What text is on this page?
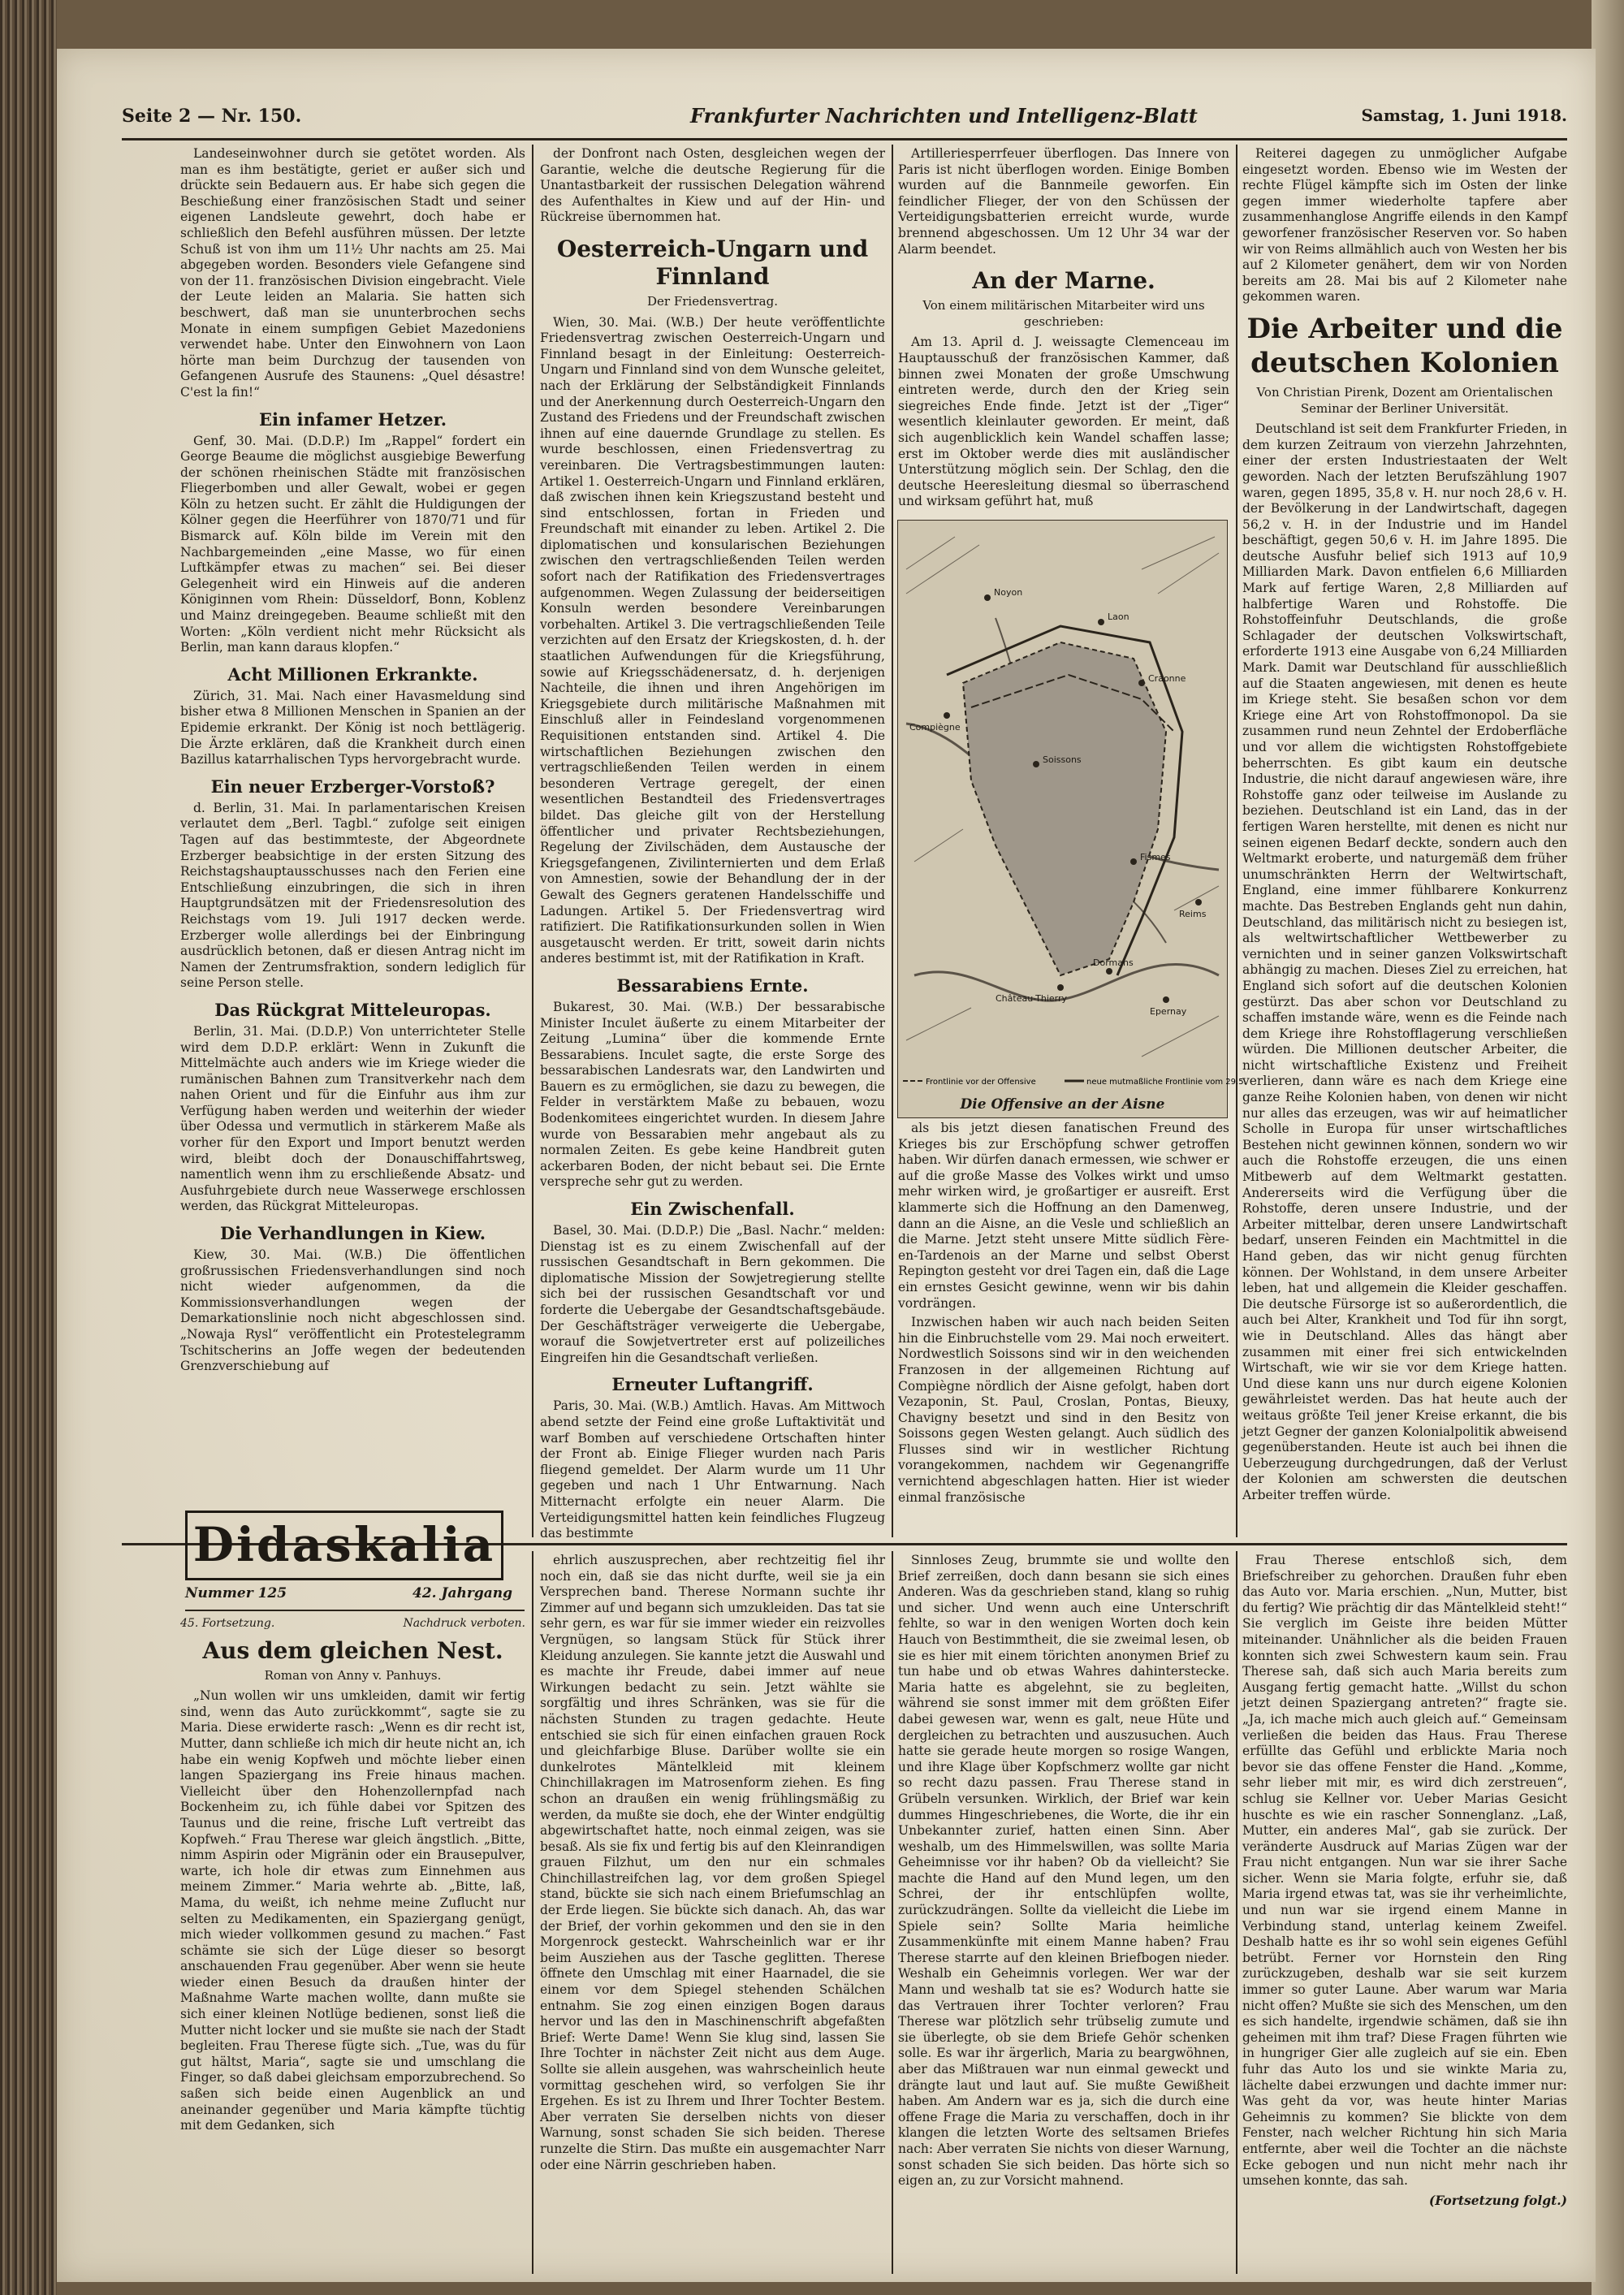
Seite 2 — Nr. 150.	Frankfurter Nachrichten und Intelligenz-Blatt	Samstag, 1. Juni 1918.

Landeseinwohner durch sie getötet worden. Als man es ihm bestätigte, geriet er außer sich und drückte sein Bedauern aus. Er habe sich gegen die Beschießung einer französischen Stadt und seiner eigenen Landsleute gewehrt, doch habe er schließlich den Befehl ausführen müssen. Der letzte Schuß ist von ihm um 11½ Uhr nachts am 25. Mai abgegeben worden. Besonders viele Gefangene sind von der 11. französischen Division eingebracht. Viele der Leute leiden an Malaria. Sie hatten sich beschwert, daß man sie ununterbrochen sechs Monate in einem sumpfigen Gebiet Mazedoniens verwendet habe. Unter den Einwohnern von Laon hörte man beim Durchzug der tausenden von Gefangenen Ausrufe des Staunens: „Quel désastre! C'est la fin!“

Ein infamer Hetzer.

Genf, 30. Mai. (D.D.P.) Im „Rappel“ fordert ein George Beaume die möglichst ausgiebige Bewerfung der schönen rheinischen Städte mit französischen Fliegerbomben und aller Gewalt, wobei er gegen Köln zu hetzen sucht. Er zählt die Huldigungen der Kölner gegen die Heerführer von 1870/71 und für Bismarck auf. Köln bilde im Verein mit den Nachbargemeinden „eine Masse, wo für einen Luftkämpfer etwas zu machen“ sei. Bei dieser Gelegenheit wird ein Hinweis auf die anderen Königinnen vom Rhein: Düsseldorf, Bonn, Koblenz und Mainz dreingegeben. Beaume schließt mit den Worten: „Köln verdient nicht mehr Rücksicht als Berlin, man kann daraus klopfen.“

Acht Millionen Erkrankte.

Zürich, 31. Mai. Nach einer Havasmeldung sind bisher etwa 8 Millionen Menschen in Spanien an der Epidemie erkrankt. Der König ist noch bettlägerig. Die Ärzte erklären, daß die Krankheit durch einen Bazillus katarrhalischen Typs hervorgebracht wurde.

Ein neuer Erzberger-Vorstoß?

d. Berlin, 31. Mai. In parlamentarischen Kreisen verlautet dem „Berl. Tagbl.“ zufolge seit einigen Tagen auf das bestimmteste, der Abgeordnete Erzberger beabsichtige in der ersten Sitzung des Reichstagshauptausschusses nach den Ferien eine Entschließung einzubringen, die sich in ihren Hauptgrundsätzen mit der Friedensresolution des Reichstags vom 19. Juli 1917 decken werde. Erzberger wolle allerdings bei der Einbringung ausdrücklich betonen, daß er diesen Antrag nicht im Namen der Zentrumsfraktion, sondern lediglich für seine Person stelle.

Das Rückgrat Mitteleuropas.

Berlin, 31. Mai. (D.D.P.) Von unterrichteter Stelle wird dem D.D.P. erklärt: Wenn in Zukunft die Mittelmächte auch anders wie im Kriege wieder die rumänischen Bahnen zum Transitverkehr nach dem nahen Orient und für die Einfuhr aus ihm zur Verfügung haben werden und weiterhin der wieder über Odessa und vermutlich in stärkerem Maße als vorher für den Export und Import benutzt werden wird, bleibt doch der Donauschiffahrtsweg, namentlich wenn ihm zu erschließende Absatz- und Ausfuhrgebiete durch neue Wasserwege erschlossen werden, das Rückgrat Mitteleuropas.

Die Verhandlungen in Kiew.

Kiew, 30. Mai. (W.B.) Die öffentlichen großrussischen Friedensverhandlungen sind noch nicht wieder aufgenommen, da die Kommissionsverhandlungen wegen der Demarkationslinie noch nicht abgeschlossen sind. „Nowaja Rysl“ veröffentlicht ein Protestelegramm Tschitscherins an Joffe wegen der bedeutenden Grenzverschiebung auf

der Donfront nach Osten, desgleichen wegen der Garantie, welche die deutsche Regierung für die Unantastbarkeit der russischen Delegation während des Aufenthaltes in Kiew und auf der Hin- und Rückreise übernommen hat.

Oesterreich-Ungarn und Finnland
Der Friedensvertrag.

Wien, 30. Mai. (W.B.) Der heute veröffentlichte Friedensvertrag zwischen Oesterreich-Ungarn und Finnland besagt in der Einleitung: Oesterreich-Ungarn und Finnland sind von dem Wunsche geleitet, nach der Erklärung der Selbständigkeit Finnlands und der Anerkennung durch Oesterreich-Ungarn den Zustand des Friedens und der Freundschaft zwischen ihnen auf eine dauernde Grundlage zu stellen. Es wurde beschlossen, einen Friedensvertrag zu vereinbaren. Die Vertragsbestimmungen lauten: Artikel 1. Oesterreich-Ungarn und Finnland erklären, daß zwischen ihnen kein Kriegszustand besteht und sind entschlossen, fortan in Frieden und Freundschaft mit einander zu leben. Artikel 2. Die diplomatischen und konsularischen Beziehungen zwischen den vertragschließenden Teilen werden sofort nach der Ratifikation des Friedensvertrages aufgenommen. Wegen Zulassung der beiderseitigen Konsuln werden besondere Vereinbarungen vorbehalten. Artikel 3. Die vertragschließenden Teile verzichten auf den Ersatz der Kriegskosten, d. h. der staatlichen Aufwendungen für die Kriegsführung, sowie auf Kriegsschädenersatz, d. h. derjenigen Nachteile, die ihnen und ihren Angehörigen im Kriegsgebiete durch militärische Maßnahmen mit Einschluß aller in Feindesland vorgenommenen Requisitionen entstanden sind. Artikel 4. Die wirtschaftlichen Beziehungen zwischen den vertragschließenden Teilen werden in einem besonderen Vertrage geregelt, der einen wesentlichen Bestandteil des Friedensvertrages bildet. Das gleiche gilt von der Herstellung öffentlicher und privater Rechtsbeziehungen, Regelung der Zivilschäden, dem Austausche der Kriegsgefangenen, Zivilinternierten und dem Erlaß von Amnestien, sowie der Behandlung der in der Gewalt des Gegners geratenen Handelsschiffe und Ladungen. Artikel 5. Der Friedensvertrag wird ratifiziert. Die Ratifikationsurkunden sollen in Wien ausgetauscht werden. Er tritt, soweit darin nichts anderes bestimmt ist, mit der Ratifikation in Kraft.

Bessarabiens Ernte.

Bukarest, 30. Mai. (W.B.) Der bessarabische Minister Inculet äußerte zu einem Mitarbeiter der Zeitung „Lumina“ über die kommende Ernte Bessarabiens. Inculet sagte, die erste Sorge des bessarabischen Landesrats war, den Landwirten und Bauern es zu ermöglichen, sie dazu zu bewegen, die Felder in verstärktem Maße zu bebauen, wozu Bodenkomitees eingerichtet wurden. In diesem Jahre wurde von Bessarabien mehr angebaut als zu normalen Zeiten. Es gebe keine Handbreit guten ackerbaren Boden, der nicht bebaut sei. Die Ernte verspreche sehr gut zu werden.

Ein Zwischenfall.

Basel, 30. Mai. (D.D.P.) Die „Basl. Nachr.“ melden: Dienstag ist es zu einem Zwischenfall auf der russischen Gesandtschaft in Bern gekommen. Die diplomatische Mission der Sowjetregierung stellte sich bei der russischen Gesandtschaft vor und forderte die Uebergabe der Gesandtschaftsgebäude. Der Geschäftsträger verweigerte die Uebergabe, worauf die Sowjetvertreter erst auf polizeiliches Eingreifen hin die Gesandtschaft verließen.

Erneuter Luftangriff.

Paris, 30. Mai. (W.B.) Amtlich. Havas. Am Mittwoch abend setzte der Feind eine große Luftaktivität und warf Bomben auf verschiedene Ortschaften hinter der Front ab. Einige Flieger wurden nach Paris fliegend gemeldet. Der Alarm wurde um 11 Uhr gegeben und nach 1 Uhr Entwarnung. Nach Mitternacht erfolgte ein neuer Alarm. Die Verteidigungsmittel hatten kein feindliches Flugzeug das bestimmte

Artilleriesperrfeuer überflogen. Das Innere von Paris ist nicht überflogen worden. Einige Bomben wurden auf die Bannmeile geworfen. Ein feindlicher Flieger, der von den Schüssen der Verteidigungsbatterien erreicht wurde, wurde brennend abgeschossen. Um 12 Uhr 34 war der Alarm beendet.

An der Marne.
Von einem militärischen Mitarbeiter wird uns geschrieben:

Am 13. April d. J. weissagte Clemenceau im Hauptausschuß der französischen Kammer, daß binnen zwei Monaten der große Umschwung eintreten werde, durch den der Krieg sein siegreiches Ende finde. Jetzt ist der „Tiger“ wesentlich kleinlauter geworden. Er meint, daß sich augenblicklich kein Wandel schaffen lasse; erst im Oktober werde dies mit ausländischer Unterstützung möglich sein. Der Schlag, den die deutsche Heeresleitung diesmal so überraschend und wirksam geführt hat, muß

Noyon
Laon
Soissons
Compiègne
Reims
Fismes
Château-Thierry
Epernay
Dormans
Craonne
Frontlinie vor der Offensive	neue mutmaßliche Frontlinie vom 29.5.
Die Offensive an der Aisne

als bis jetzt diesen fanatischen Freund des Krieges bis zur Erschöpfung schwer getroffen haben. Wir dürfen danach ermessen, wie schwer er auf die große Masse des Volkes wirkt und umso mehr wirken wird, je großartiger er ausreift. Erst klammerte sich die Hoffnung an den Damenweg, dann an die Aisne, an die Vesle und schließlich an die Marne. Jetzt steht unsere Mitte südlich Fère-en-Tardenois an der Marne und selbst Oberst Repington gesteht vor drei Tagen ein, daß die Lage ein ernstes Gesicht gewinne, wenn wir bis dahin vordrängen.

Inzwischen haben wir auch nach beiden Seiten hin die Einbruchstelle vom 29. Mai noch erweitert. Nordwestlich Soissons sind wir in den weichenden Franzosen in der allgemeinen Richtung auf Compiègne nördlich der Aisne gefolgt, haben dort Vezaponin, St. Paul, Croslan, Pontas, Bieuxy, Chavigny besetzt und sind in den Besitz von Soissons gegen Westen gelangt. Auch südlich des Flusses sind wir in westlicher Richtung vorangekommen, nachdem wir Gegenangriffe vernichtend abgeschlagen hatten. Hier ist wieder einmal französische

Reiterei dagegen zu unmöglicher Aufgabe eingesetzt worden. Ebenso wie im Westen der rechte Flügel kämpfte sich im Osten der linke gegen immer wiederholte tapfere aber zusammenhanglose Angriffe eilends in den Kampf geworfener französischer Reserven vor. So haben wir von Reims allmählich auch von Westen her bis auf 2 Kilometer genähert, dem wir von Norden bereits am 28. Mai bis auf 2 Kilometer nahe gekommen waren.

Die Arbeiter und die deutschen Kolonien
Von Christian Pirenk, Dozent am Orientalischen Seminar der Berliner Universität.

Deutschland ist seit dem Frankfurter Frieden, in dem kurzen Zeitraum von vierzehn Jahrzehnten, einer der ersten Industriestaaten der Welt geworden. Nach der letzten Berufszählung 1907 waren, gegen 1895, 35,8 v. H. nur noch 28,6 v. H. der Bevölkerung in der Landwirtschaft, dagegen 56,2 v. H. in der Industrie und im Handel beschäftigt, gegen 50,6 v. H. im Jahre 1895. Die deutsche Ausfuhr belief sich 1913 auf 10,9 Milliarden Mark. Davon entfielen 6,6 Milliarden Mark auf fertige Waren, 2,8 Milliarden auf halbfertige Waren und Rohstoffe. Die Rohstoffeinfuhr Deutschlands, die große Schlagader der deutschen Volkswirtschaft, erforderte 1913 eine Ausgabe von 6,24 Milliarden Mark. Damit war Deutschland für ausschließlich auf die Staaten angewiesen, mit denen es heute im Kriege steht. Sie besaßen schon vor dem Kriege eine Art von Rohstoffmonopol. Da sie zusammen rund neun Zehntel der Erdoberfläche und vor allem die wichtigsten Rohstoffgebiete beherrschten. Es gibt kaum ein deutsche Industrie, die nicht darauf angewiesen wäre, ihre Rohstoffe ganz oder teilweise im Auslande zu beziehen. Deutschland ist ein Land, das in der fertigen Waren herstellte, mit denen es nicht nur seinen eigenen Bedarf deckte, sondern auch den Weltmarkt eroberte, und naturgemäß dem früher unumschränkten Herrn der Weltwirtschaft, England, eine immer fühlbarere Konkurrenz machte. Das Bestreben Englands geht nun dahin, Deutschland, das militärisch nicht zu besiegen ist, als weltwirtschaftlicher Wettbewerber zu vernichten und in seiner ganzen Volkswirtschaft abhängig zu machen. Dieses Ziel zu erreichen, hat England sich sofort auf die deutschen Kolonien gestürzt. Das aber schon vor Deutschland zu schaffen imstande wäre, wenn es die Feinde nach dem Kriege ihre Rohstofflagerung verschließen würden. Die Millionen deutscher Arbeiter, die nicht wirtschaftliche Existenz und Freiheit verlieren, dann wäre es nach dem Kriege eine ganze Reihe Kolonien haben, von denen wir nicht nur alles das erzeugen, was wir auf heimatlicher Scholle in Europa für unser wirtschaftliches Bestehen nicht gewinnen können, sondern wo wir auch die Rohstoffe erzeugen, die uns einen Mitbewerb auf dem Weltmarkt gestatten. Andererseits wird die Verfügung über die Rohstoffe, deren unsere Industrie, und der Arbeiter mittelbar, deren unsere Landwirtschaft bedarf, unseren Feinden ein Machtmittel in die Hand geben, das wir nicht genug fürchten können. Der Wohlstand, in dem unsere Arbeiter leben, hat und allgemein die Kleider geschaffen. Die deutsche Fürsorge ist so außerordentlich, die auch bei Alter, Krankheit und Tod für ihn sorgt, wie in Deutschland. Alles das hängt aber zusammen mit einer frei sich entwickelnden Wirtschaft, wie wir sie vor dem Kriege hatten. Und diese kann uns nur durch eigene Kolonien gewährleistet werden. Das hat heute auch der weitaus größte Teil jener Kreise erkannt, die bis jetzt Gegner der ganzen Kolonialpolitik abweisend gegenüberstanden. Heute ist auch bei ihnen die Ueberzeugung durchgedrungen, daß der Verlust der Kolonien am schwersten die deutschen Arbeiter treffen würde.

Didaskalia
Nummer 125	42. Jahrgang
45. Fortsetzung.	Nachdruck verboten.
Aus dem gleichen Nest.
Roman von Anny v. Panhuys.

„Nun wollen wir uns umkleiden, damit wir fertig sind, wenn das Auto zurückkommt“, sagte sie zu Maria. Diese erwiderte rasch: „Wenn es dir recht ist, Mutter, dann schließe ich mich dir heute nicht an, ich habe ein wenig Kopfweh und möchte lieber einen langen Spaziergang ins Freie hinaus machen. Vielleicht über den Hohenzollernpfad nach Bockenheim zu, ich fühle dabei vor Spitzen des Taunus und die reine, frische Luft vertreibt das Kopfweh.“ Frau Therese war gleich ängstlich. „Bitte, nimm Aspirin oder Migränin oder ein Brausepulver, warte, ich hole dir etwas zum Einnehmen aus meinem Zimmer.“ Maria wehrte ab. „Bitte, laß, Mama, du weißt, ich nehme meine Zuflucht nur selten zu Medikamenten, ein Spaziergang genügt, mich wieder vollkommen gesund zu machen.“ Fast schämte sie sich der Lüge dieser so besorgt anschauenden Frau gegenüber. Aber wenn sie heute wieder einen Besuch da draußen hinter der Maßnahme Warte machen wollte, dann mußte sie sich einer kleinen Notlüge bedienen, sonst ließ die Mutter nicht locker und sie mußte sie nach der Stadt begleiten. Frau Therese fügte sich. „Tue, was du für gut hältst, Maria“, sagte sie und umschlang die Finger, so daß dabei gleichsam emporzubrechend. So saßen sich beide einen Augenblick an und aneinander gegenüber und Maria kämpfte tüchtig mit dem Gedanken, sich

ehrlich auszusprechen, aber rechtzeitig fiel ihr noch ein, daß sie das nicht durfte, weil sie ja ein Versprechen band. Therese Normann suchte ihr Zimmer auf und begann sich umzukleiden. Das tat sie sehr gern, es war für sie immer wieder ein reizvolles Vergnügen, so langsam Stück für Stück ihrer Kleidung anzulegen. Sie kannte jetzt die Auswahl und es machte ihr Freude, dabei immer auf neue Wirkungen bedacht zu sein. Jetzt wählte sie sorgfältig und ihres Schränken, was sie für die nächsten Stunden zu tragen gedachte. Heute entschied sie sich für einen einfachen grauen Rock und gleichfarbige Bluse. Darüber wollte sie ein dunkelrotes Mäntelkleid mit kleinem Chinchillakragen im Matrosenform ziehen. Es fing schon an draußen ein wenig frühlingsmäßig zu werden, da mußte sie doch, ehe der Winter endgültig abgewirtschaftet hatte, noch einmal zeigen, was sie besaß. Als sie fix und fertig bis auf den Kleinrandigen grauen Filzhut, um den nur ein schmales Chinchillastreifchen lag, vor dem großen Spiegel stand, bückte sie sich nach einem Briefumschlag an der Erde liegen. Sie bückte sich danach. Ah, das war der Brief, der vorhin gekommen und den sie in den Morgenrock gesteckt. Wahrscheinlich war er ihr beim Ausziehen aus der Tasche geglitten. Therese öffnete den Umschlag mit einer Haarnadel, die sie einem vor dem Spiegel stehenden Schälchen entnahm. Sie zog einen einzigen Bogen daraus hervor und las den in Maschinenschrift abgefaßten Brief: Werte Dame! Wenn Sie klug sind, lassen Sie Ihre Tochter in nächster Zeit nicht aus dem Auge. Sollte sie allein ausgehen, was wahrscheinlich heute vormittag geschehen wird, so verfolgen Sie ihr Ergehen. Es ist zu Ihrem und Ihrer Tochter Bestem. Aber verraten Sie derselben nichts von dieser Warnung, sonst schaden Sie sich beiden. Therese runzelte die Stirn. Das mußte ein ausgemachter Narr oder eine Närrin geschrieben haben.

Sinnloses Zeug, brummte sie und wollte den Brief zerreißen, doch dann besann sie sich eines Anderen. Was da geschrieben stand, klang so ruhig und sicher. Und wenn auch eine Unterschrift fehlte, so war in den wenigen Worten doch kein Hauch von Bestimmtheit, die sie zweimal lesen, ob sie es hier mit einem törichten anonymen Brief zu tun habe und ob etwas Wahres dahinterstecke. Maria hatte es abgelehnt, sie zu begleiten, während sie sonst immer mit dem größten Eifer dabei gewesen war, wenn es galt, neue Hüte und dergleichen zu betrachten und auszusuchen. Auch hatte sie gerade heute morgen so rosige Wangen, und ihre Klage über Kopfschmerz wollte gar nicht so recht dazu passen. Frau Therese stand in Grübeln versunken. Wirklich, der Brief war kein dummes Hingeschriebenes, die Worte, die ihr ein Unbekannter zurief, hatten einen Sinn. Aber weshalb, um des Himmelswillen, was sollte Maria Geheimnisse vor ihr haben? Ob da vielleicht? Sie machte die Hand auf den Mund legen, um den Schrei, der ihr entschlüpfen wollte, zurückzudrängen. Sollte da vielleicht die Liebe im Spiele sein? Sollte Maria heimliche Zusammenkünfte mit einem Manne haben? Frau Therese starrte auf den kleinen Briefbogen nieder. Weshalb ein Geheimnis vorlegen. Wer war der Mann und weshalb tat sie es? Wodurch hatte sie das Vertrauen ihrer Tochter verloren? Frau Therese war plötzlich sehr trübselig zumute und sie überlegte, ob sie dem Briefe Gehör schenken solle. Es war ihr ärgerlich, Maria zu beargwöhnen, aber das Mißtrauen war nun einmal geweckt und drängte laut und laut auf. Sie mußte Gewißheit haben. Am Andern war es ja, sich die durch eine offene Frage die Maria zu verschaffen, doch in ihr klangen die letzten Worte des seltsamen Briefes nach: Aber verraten Sie nichts von dieser Warnung, sonst schaden Sie sich beiden. Das hörte sich so eigen an, zu zur Vorsicht mahnend.

Frau Therese entschloß sich, dem Briefschreiber zu gehorchen. Draußen fuhr eben das Auto vor. Maria erschien. „Nun, Mutter, bist du fertig? Wie prächtig dir das Mäntelkleid steht!“ Sie verglich im Geiste ihre beiden Mütter miteinander. Unähnlicher als die beiden Frauen konnten sich zwei Schwestern kaum sein. Frau Therese sah, daß sich auch Maria bereits zum Ausgang fertig gemacht hatte. „Willst du schon jetzt deinen Spaziergang antreten?“ fragte sie. „Ja, ich mache mich auch gleich auf.“ Gemeinsam verließen die beiden das Haus. Frau Therese erfüllte das Gefühl und erblickte Maria noch bevor sie das offene Fenster die Hand. „Komme, sehr lieber mit mir, es wird dich zerstreuen“, schlug sie Kellner vor. Ueber Marias Gesicht huschte es wie ein rascher Sonnenglanz. „Laß, Mutter, ein anderes Mal“, gab sie zurück. Der veränderte Ausdruck auf Marias Zügen war der Frau nicht entgangen. Nun war sie ihrer Sache sicher. Wenn sie Maria folgte, erfuhr sie, daß Maria irgend etwas tat, was sie ihr verheimlichte, und nun war sie irgend einem Manne in Verbindung stand, unterlag keinem Zweifel. Deshalb hatte es ihr so wohl sein eigenes Gefühl betrübt. Ferner vor Hornstein den Ring zurückzugeben, deshalb war sie seit kurzem immer so guter Laune. Aber warum war Maria nicht offen? Mußte sie sich des Menschen, um den es sich handelte, irgendwie schämen, daß sie ihn geheimen mit ihm traf? Diese Fragen führten wie in hungriger Gier alle zugleich auf sie ein. Eben fuhr das Auto los und sie winkte Maria zu, lächelte dabei erzwungen und dachte immer nur: Was geht da vor, was heute hinter Marias Geheimnis zu kommen? Sie blickte von dem Fenster, nach welcher Richtung hin sich Maria entfernte, aber weil die Tochter an die nächste Ecke gebogen und nun nicht mehr nach ihr umsehen konnte, das sah.

(Fortsetzung folgt.)
